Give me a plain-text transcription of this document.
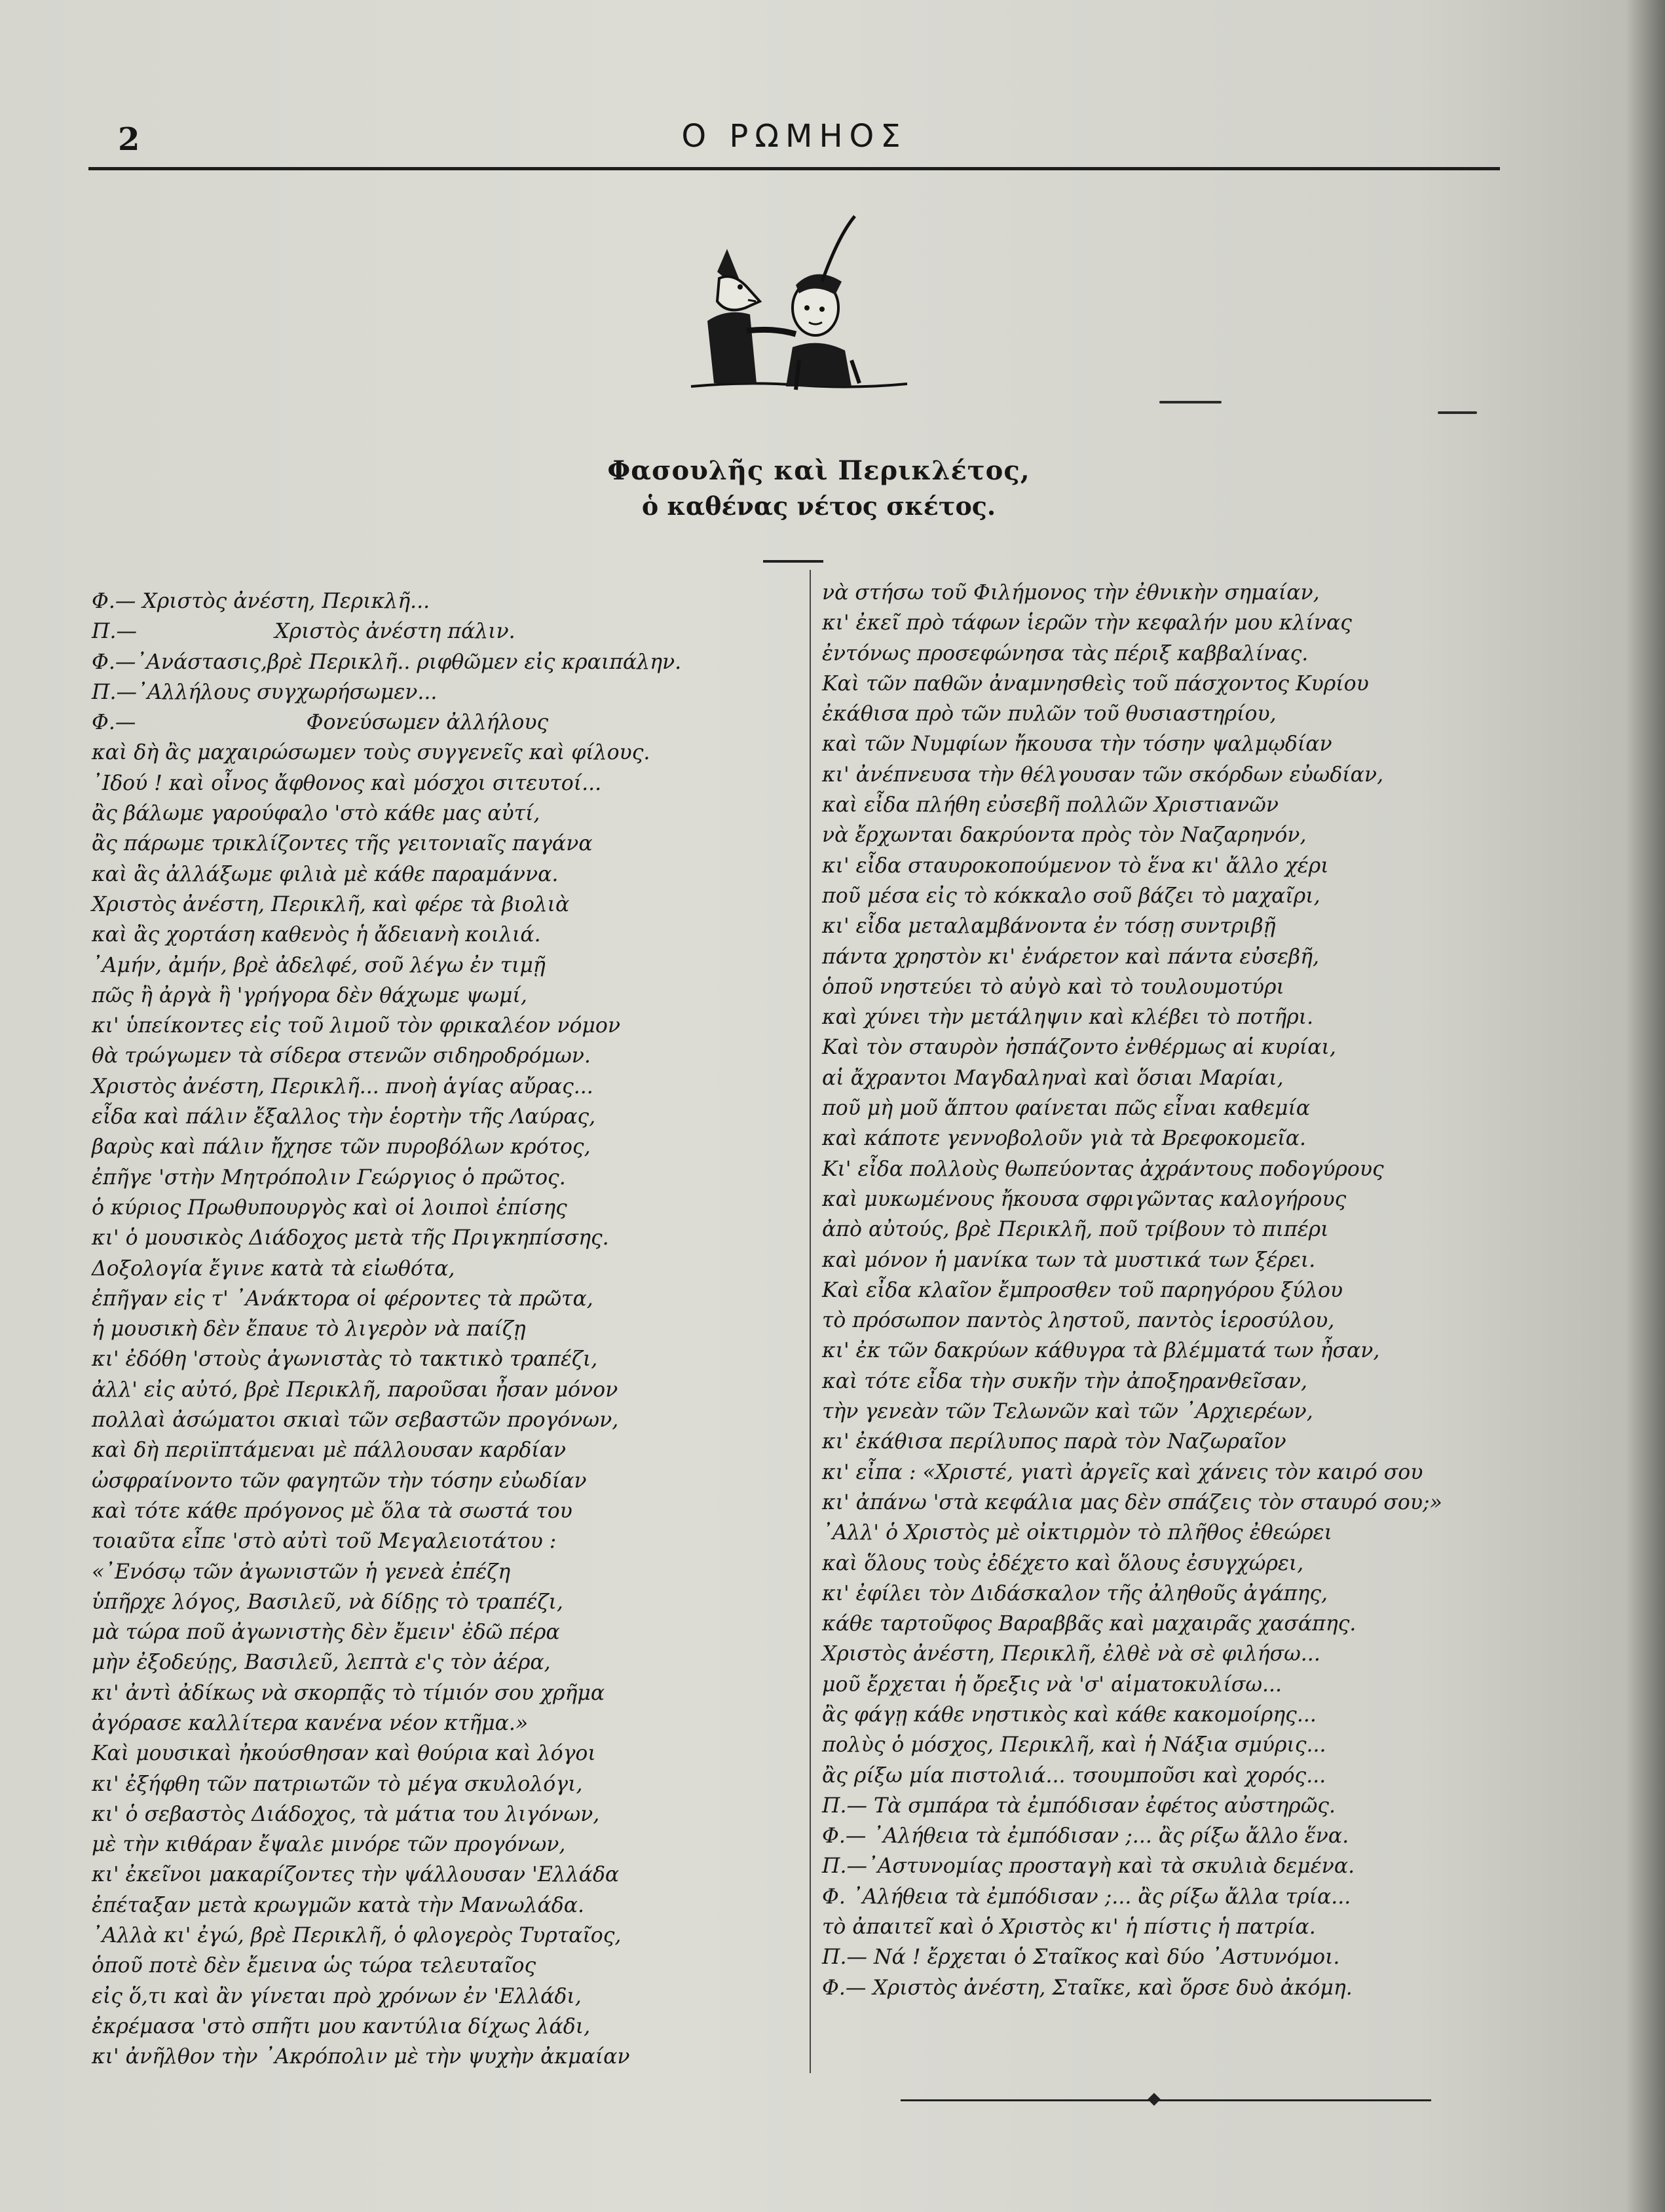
2	Ο ΡΩΜΗΟΣ
Φασουλῆς καὶ Περικλέτος,
ὁ καθένας νέτος σκέτος.
Φ.— Χριστὸς ἀνέστη, Περικλῆ...
Π.—                     Χριστὸς ἀνέστη πάλιν.
Φ.—᾿Ανάστασις,βρὲ Περικλῆ.. ριφθῶμεν εἰς κραιπάλην.
Π.—᾿Αλλήλους συγχωρήσωμεν...
Φ.—                          Φονεύσωμεν ἀλλήλους
καὶ δὴ ἂς μαχαιρώσωμεν τοὺς συγγενεῖς καὶ φίλους.
᾿Ιδού ! καὶ οἶνος ἄφθονος καὶ μόσχοι σιτευτοί...
ἂς βάλωμε γαρούφαλο 'στὸ κάθε μας αὐτί,
ἂς πάρωμε τρικλίζοντες τῆς γειτονιαῖς παγάνα
καὶ ἂς ἀλλάξωμε φιλιὰ μὲ κάθε παραμάννα.
Χριστὸς ἀνέστη, Περικλῆ, καὶ φέρε τὰ βιολιὰ
καὶ ἂς χορτάση καθενὸς ἡ ἄδειανὴ κοιλιά.
᾿Αμήν, ἀμήν, βρὲ ἀδελφέ, σοῦ λέγω ἐν τιμῇ
πῶς ἢ ἀργὰ ἢ 'γρήγορα δὲν θάχωμε ψωμί,
κι' ὑπείκοντες εἰς τοῦ λιμοῦ τὸν φρικαλέον νόμον
θὰ τρώγωμεν τὰ σίδερα στενῶν σιδηροδρόμων.
Χριστὸς ἀνέστη, Περικλῆ... πνοὴ ἁγίας αὔρας...
εἶδα καὶ πάλιν ἔξαλλος τὴν ἑορτὴν τῆς Λαύρας,
βαρὺς καὶ πάλιν ἤχησε τῶν πυροβόλων κρότος,
ἐπῆγε 'στὴν Μητρόπολιν Γεώργιος ὁ πρῶτος.
ὁ κύριος Πρωθυπουργὸς καὶ οἱ λοιποὶ ἐπίσης
κι' ὁ μουσικὸς Διάδοχος μετὰ τῆς Πριγκηπίσσης.
Δοξολογία ἔγινε κατὰ τὰ εἰωθότα,
ἐπῆγαν εἰς τ' ᾿Ανάκτορα οἱ φέροντες τὰ πρῶτα,
ἡ μουσικὴ δὲν ἔπαυε τὸ λιγερὸν νὰ παίζῃ
κι' ἐδόθη 'στοὺς ἀγωνιστὰς τὸ τακτικὸ τραπέζι,
ἀλλ' εἰς αὐτό, βρὲ Περικλῆ, παροῦσαι ἦσαν μόνον
πολλαὶ ἀσώματοι σκιαὶ τῶν σεβαστῶν προγόνων,
καὶ δὴ περιϊπτάμεναι μὲ πάλλουσαν καρδίαν
ὠσφραίνοντο τῶν φαγητῶν τὴν τόσην εὐωδίαν
καὶ τότε κάθε πρόγονος μὲ ὅλα τὰ σωστά του
τοιαῦτα εἶπε 'στὸ αὐτὶ τοῦ Μεγαλειοτάτου :
«᾿Ενόσῳ τῶν ἀγωνιστῶν ἡ γενεὰ ἐπέζη
ὑπῆρχε λόγος, Βασιλεῦ, νὰ δίδῃς τὸ τραπέζι,
μὰ τώρα ποῦ ἀγωνιστὴς δὲν ἔμειν' ἐδῶ πέρα
μὴν ἐξοδεύῃς, Βασιλεῦ, λεπτὰ ε'ς τὸν ἀέρα,
κι' ἀντὶ ἀδίκως νὰ σκορπᾷς τὸ τίμιόν σου χρῆμα
ἀγόρασε καλλίτερα κανένα νέον κτῆμα.»
Καὶ μουσικαὶ ἠκούσθησαν καὶ θούρια καὶ λόγοι
κι' ἐξήφθη τῶν πατριωτῶν τὸ μέγα σκυλολόγι,
κι' ὁ σεβαστὸς Διάδοχος, τὰ μάτια του λιγόνων,
μὲ τὴν κιθάραν ἔψαλε μινόρε τῶν προγόνων,
κι' ἐκεῖνοι μακαρίζοντες τὴν ψάλλουσαν 'Ελλάδα
ἐπέταξαν μετὰ κρωγμῶν κατὰ τὴν Μανωλάδα.
᾿Αλλὰ κι' ἐγώ, βρὲ Περικλῆ, ὁ φλογερὸς Τυρταῖος,
ὁποῦ ποτὲ δὲν ἔμεινα ὡς τώρα τελευταῖος
εἰς ὅ,τι καὶ ἂν γίνεται πρὸ χρόνων ἐν 'Ελλάδι,
ἐκρέμασα 'στὸ σπῆτι μου καντύλια δίχως λάδι,
κι' ἀνῆλθον τὴν ᾿Ακρόπολιν μὲ τὴν ψυχὴν ἀκμαίαν
νὰ στήσω τοῦ Φιλήμονος τὴν ἐθνικὴν σημαίαν,
κι' ἐκεῖ πρὸ τάφων ἱερῶν τὴν κεφαλήν μου κλίνας
ἐντόνως προσεφώνησα τὰς πέριξ καββαλίνας.
Καὶ τῶν παθῶν ἀναμνησθεὶς τοῦ πάσχοντος Κυρίου
ἐκάθισα πρὸ τῶν πυλῶν τοῦ θυσιαστηρίου,
καὶ τῶν Νυμφίων ἤκουσα τὴν τόσην ψαλμῳδίαν
κι' ἀνέπνευσα τὴν θέλγουσαν τῶν σκόρδων εὐωδίαν,
καὶ εἶδα πλήθη εὐσεβῆ πολλῶν Χριστιανῶν
νὰ ἔρχωνται δακρύοντα πρὸς τὸν Ναζαρηνόν,
κι' εἶδα σταυροκοπούμενον τὸ ἕνα κι' ἄλλο χέρι
ποῦ μέσα εἰς τὸ κόκκαλο σοῦ βάζει τὸ μαχαῖρι,
κι' εἶδα μεταλαμβάνοντα ἐν τόσῃ συντριβῇ
πάντα χρηστὸν κι' ἐνάρετον καὶ πάντα εὐσεβῆ,
ὁποῦ νηστεύει τὸ αὐγὸ καὶ τὸ τουλουμοτύρι
καὶ χύνει τὴν μετάληψιν καὶ κλέβει τὸ ποτῆρι.
Καὶ τὸν σταυρὸν ἠσπάζοντο ἐνθέρμως αἱ κυρίαι,
αἱ ἄχραντοι Μαγδαληναὶ καὶ ὅσιαι Μαρίαι,
ποῦ μὴ μοῦ ἅπτου φαίνεται πῶς εἶναι καθεμία
καὶ κάποτε γεννοβολοῦν γιὰ τὰ Βρεφοκομεῖα.
Κι' εἶδα πολλοὺς θωπεύοντας ἀχράντους ποδογύρους
καὶ μυκωμένους ἤκουσα σφριγῶντας καλογήρους
ἀπὸ αὐτούς, βρὲ Περικλῆ, ποῦ τρίβουν τὸ πιπέρι
καὶ μόνον ἡ μανίκα των τὰ μυστικά των ξέρει.
Καὶ εἶδα κλαῖον ἔμπροσθεν τοῦ παρηγόρου ξύλου
τὸ πρόσωπον παντὸς ληστοῦ, παντὸς ἱεροσύλου,
κι' ἐκ τῶν δακρύων κάθυγρα τὰ βλέμματά των ἦσαν,
καὶ τότε εἶδα τὴν συκῆν τὴν ἀποξηρανθεῖσαν,
τὴν γενεὰν τῶν Τελωνῶν καὶ τῶν ᾿Αρχιερέων,
κι' ἐκάθισα περίλυπος παρὰ τὸν Ναζωραῖον
κι' εἶπα : «Χριστέ, γιατὶ ἀργεῖς καὶ χάνεις τὸν καιρό σου
κι' ἀπάνω 'στὰ κεφάλια μας δὲν σπάζεις τὸν σταυρό σου;»
᾿Αλλ' ὁ Χριστὸς μὲ οἰκτιρμὸν τὸ πλῆθος ἐθεώρει
καὶ ὅλους τοὺς ἐδέχετο καὶ ὅλους ἐσυγχώρει,
κι' ἐφίλει τὸν Διδάσκαλον τῆς ἀληθοῦς ἀγάπης,
κάθε ταρτοῦφος Βαραββᾶς καὶ μαχαιρᾶς χασάπης.
Χριστὸς ἀνέστη, Περικλῆ, ἐλθὲ νὰ σὲ φιλήσω...
μοῦ ἔρχεται ἡ ὄρεξις νὰ 'σ' αἱματοκυλίσω...
ἂς φάγῃ κάθε νηστικὸς καὶ κάθε κακομοίρης...
πολὺς ὁ μόσχος, Περικλῆ, καὶ ἡ Νάξια σμύρις...
ἂς ρίξω μία πιστολιά... τσουμποῦσι καὶ χορός...
Π.— Τὰ σμπάρα τὰ ἐμπόδισαν ἐφέτος αὐστηρῶς.
Φ.— ᾿Αλήθεια τὰ ἐμπόδισαν ;... ἂς ρίξω ἄλλο ἕνα.
Π.—᾿Αστυνομίας προσταγὴ καὶ τὰ σκυλιὰ δεμένα.
Φ. ᾿Αλήθεια τὰ ἐμπόδισαν ;... ἂς ρίξω ἄλλα τρία...
τὸ ἀπαιτεῖ καὶ ὁ Χριστὸς κι' ἡ πίστις ἡ πατρία.
Π.— Νά ! ἔρχεται ὁ Σταῖκος καὶ δύο ᾿Αστυνόμοι.
Φ.— Χριστὸς ἀνέστη, Σταῖκε, καὶ ὅρσε δυὸ ἀκόμη.
